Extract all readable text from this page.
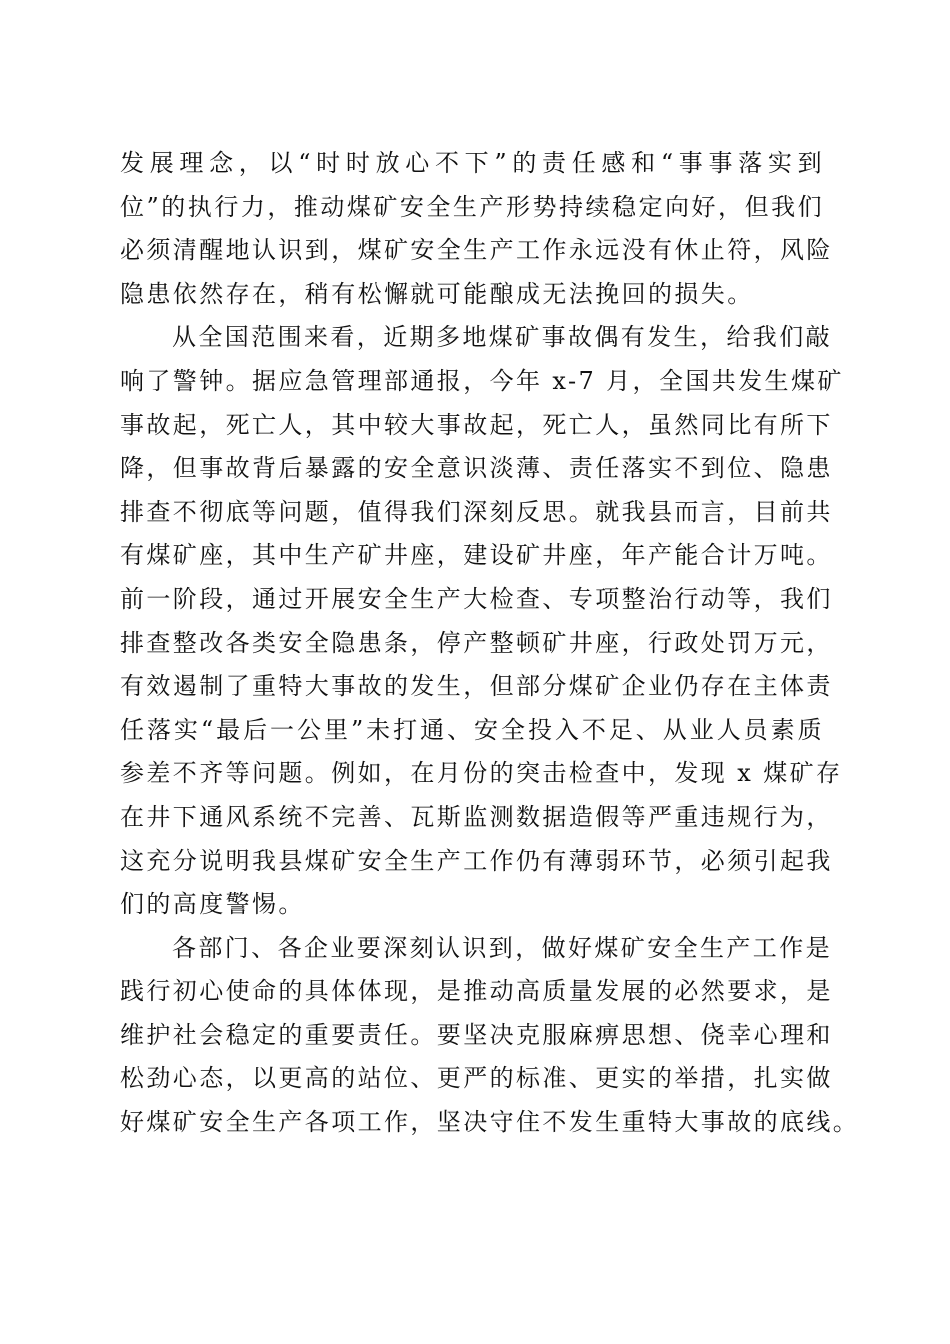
发展理念，以“时时放心不下”的责任感和“事事落实到
位”的执行力，推动煤矿安全生产形势持续稳定向好，但我们
必须清醒地认识到，煤矿安全生产工作永远没有休止符，风险
隐患依然存在，稍有松懈就可能酿成无法挽回的损失。
从全国范围来看，近期多地煤矿事故偶有发生，给我们敲
响了警钟。据应急管理部通报，今年 x-7 月，全国共发生煤矿
事故起，死亡人，其中较大事故起，死亡人，虽然同比有所下
降，但事故背后暴露的安全意识淡薄、责任落实不到位、隐患
排查不彻底等问题，值得我们深刻反思。就我县而言，目前共
有煤矿座，其中生产矿井座，建设矿井座，年产能合计万吨。
前一阶段，通过开展安全生产大检查、专项整治行动等，我们
排查整改各类安全隐患条，停产整顿矿井座，行政处罚万元，
有效遏制了重特大事故的发生，但部分煤矿企业仍存在主体责
任落实“最后一公里”未打通、安全投入不足、从业人员素质
参差不齐等问题。例如，在月份的突击检查中，发现 x 煤矿存
在井下通风系统不完善、瓦斯监测数据造假等严重违规行为，
这充分说明我县煤矿安全生产工作仍有薄弱环节，必须引起我
们的高度警惕。
各部门、各企业要深刻认识到，做好煤矿安全生产工作是
践行初心使命的具体体现，是推动高质量发展的必然要求，是
维护社会稳定的重要责任。要坚决克服麻痹思想、侥幸心理和
松劲心态，以更高的站位、更严的标准、更实的举措，扎实做
好煤矿安全生产各项工作，坚决守住不发生重特大事故的底线。
